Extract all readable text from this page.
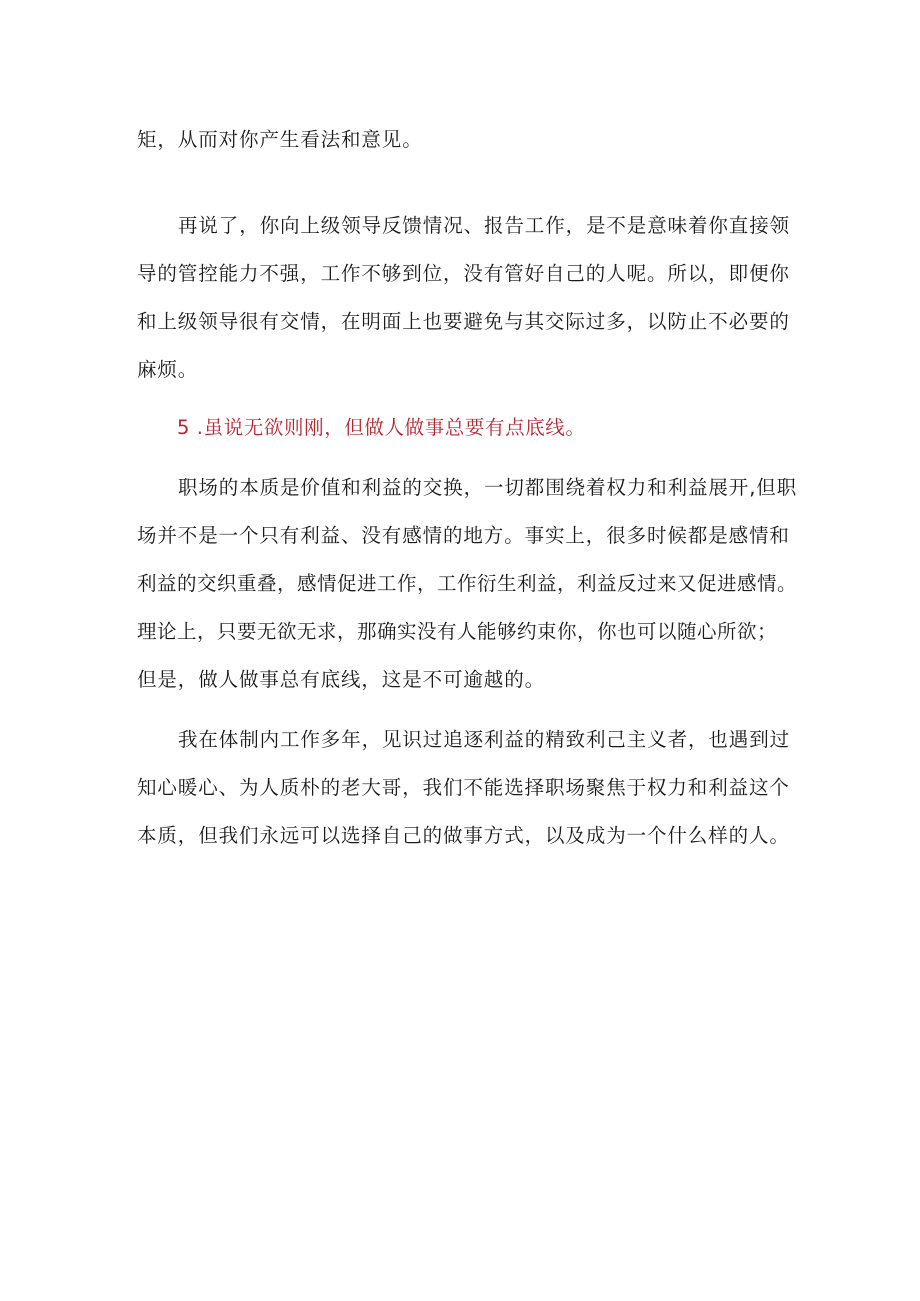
矩，从而对你产生看法和意见。
再说了，你向上级领导反馈情况、报告工作，是不是意味着你直接领
导的管控能力不强，工作不够到位，没有管好自己的人呢。所以，即便你
和上级领导很有交情，在明面上也要避免与其交际过多，以防止不必要的
麻烦。
5 .虽说无欲则刚，但做人做事总要有点底线。
职场的本质是价值和利益的交换，一切都围绕着权力和利益展开,但职
场并不是一个只有利益、没有感情的地方。事实上，很多时候都是感情和
利益的交织重叠，感情促进工作，工作衍生利益，利益反过来又促进感情。
理论上，只要无欲无求，那确实没有人能够约束你，你也可以随心所欲；
但是，做人做事总有底线，这是不可逾越的。
我在体制内工作多年，见识过追逐利益的精致利己主义者，也遇到过
知心暖心、为人质朴的老大哥，我们不能选择职场聚焦于权力和利益这个
本质，但我们永远可以选择自己的做事方式，以及成为一个什么样的人。
